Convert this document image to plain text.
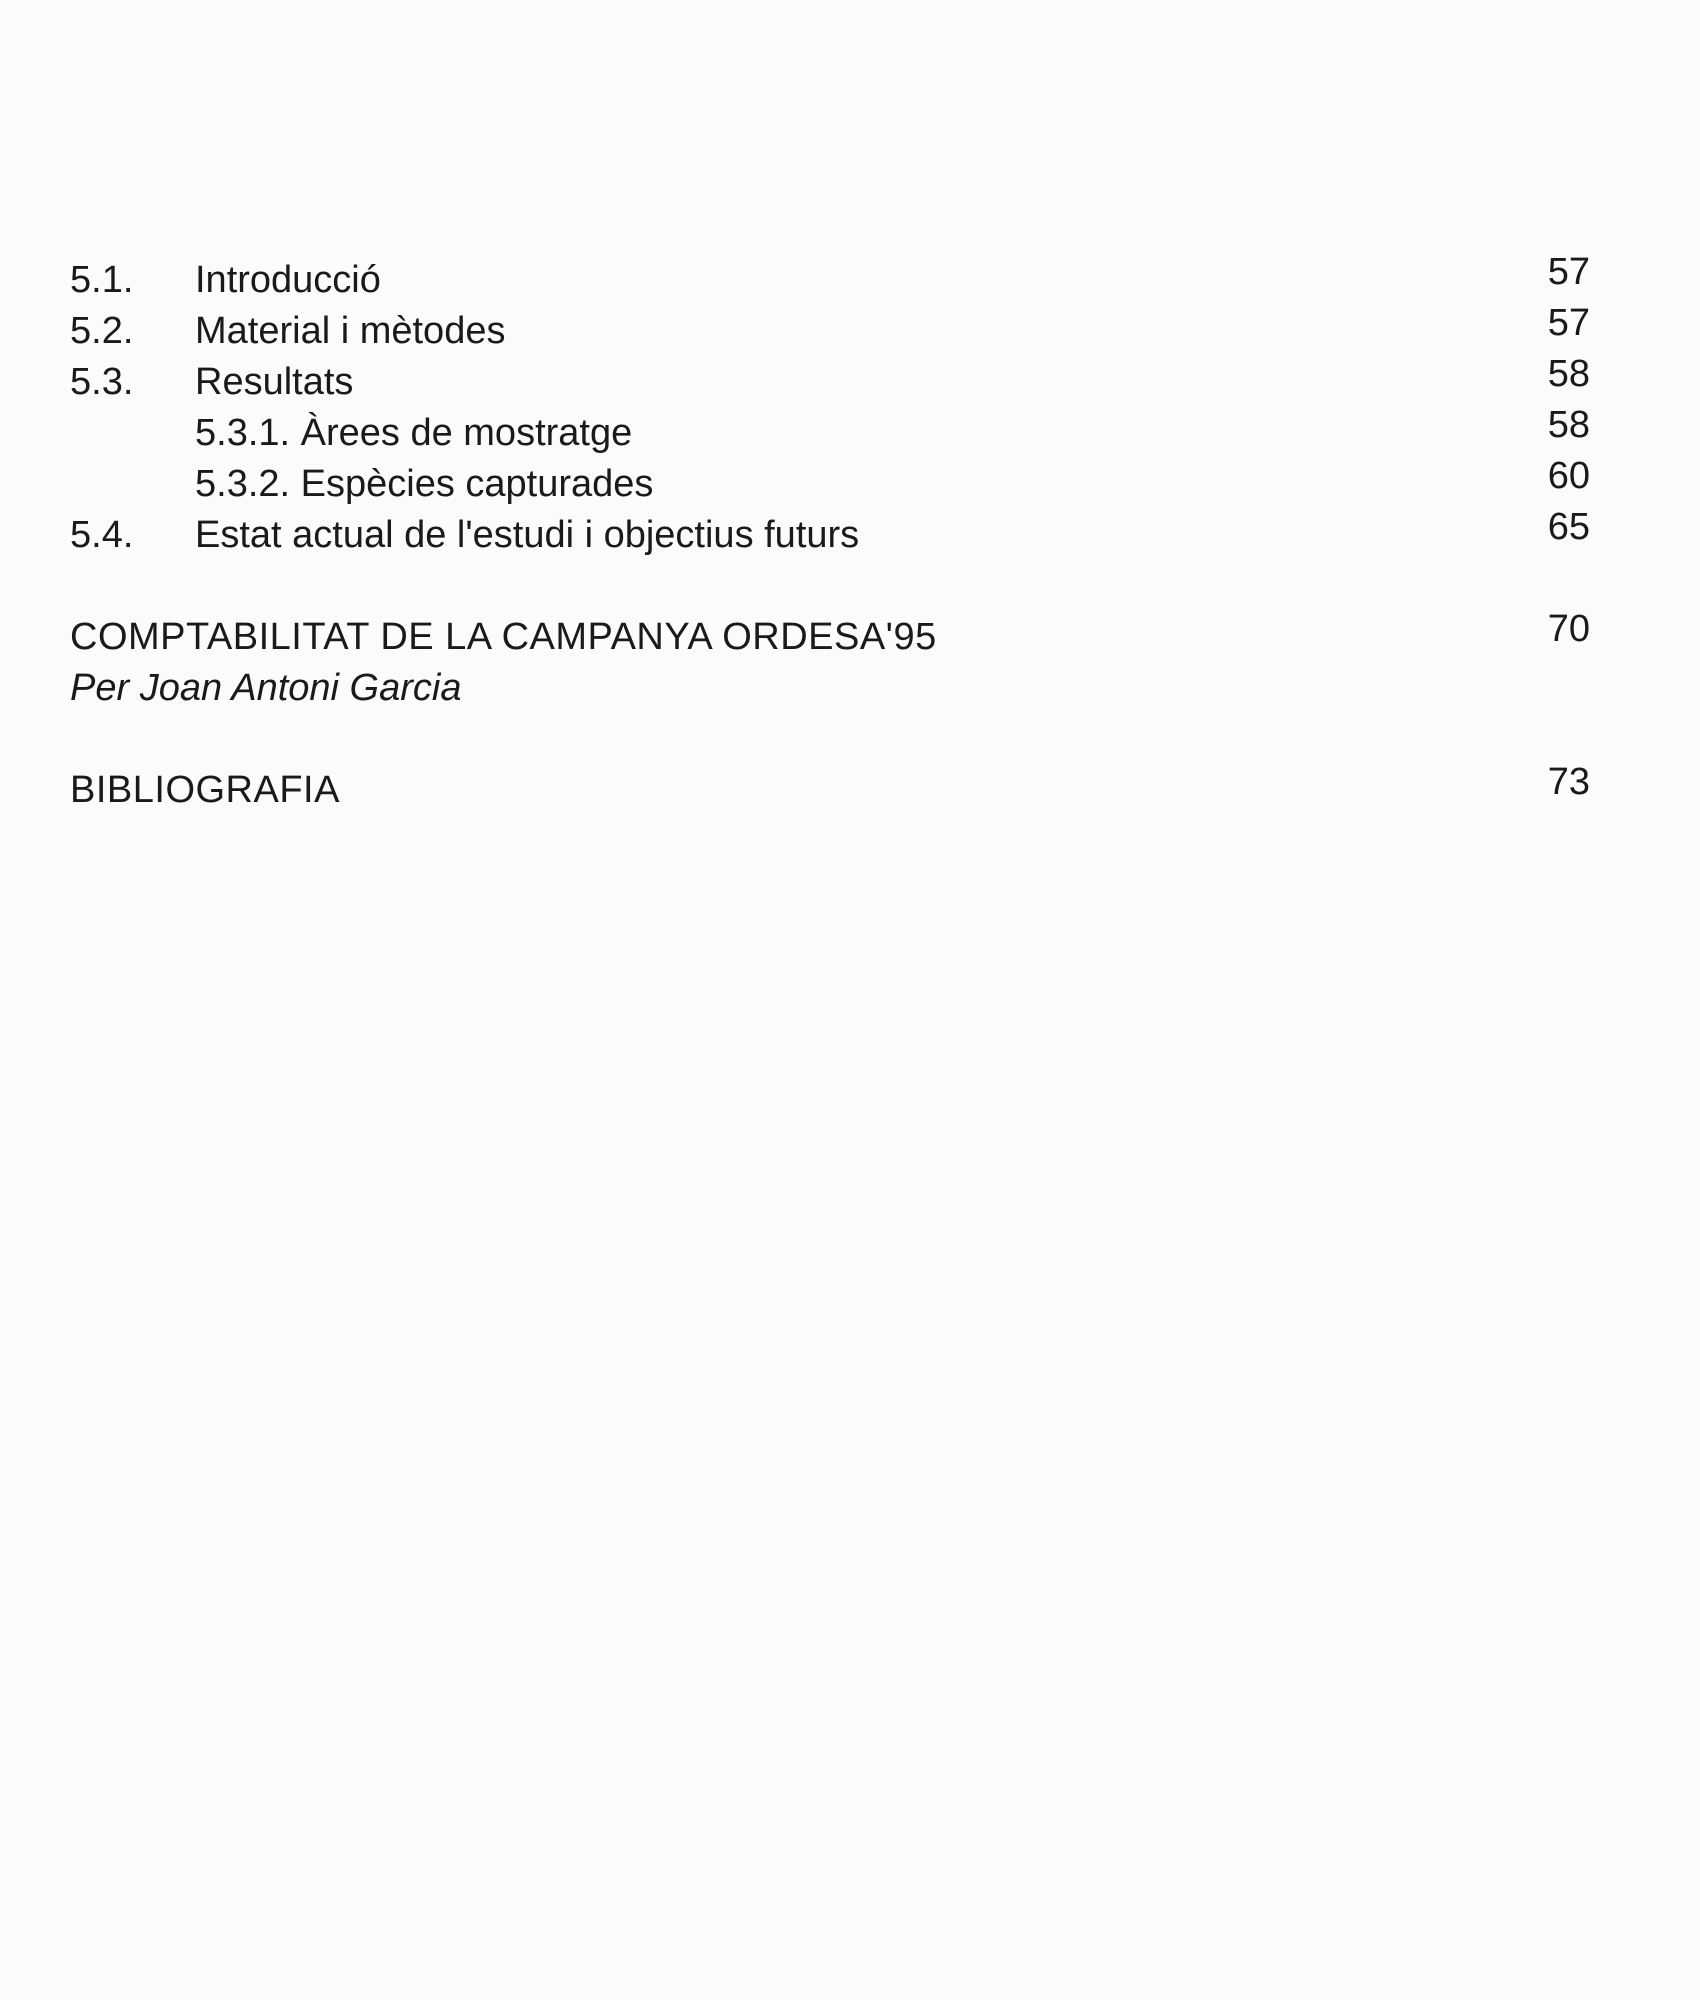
5.1. Introducció	57
5.2. Material i mètodes	57
5.3. Resultats	58
5.3.1. Àrees de mostratge	58
5.3.2. Espècies capturades	60
5.4. Estat actual de l'estudi i objectius futurs	65
COMPTABILITAT DE LA CAMPANYA ORDESA'95	70
Per Joan Antoni Garcia
BIBLIOGRAFIA	73
